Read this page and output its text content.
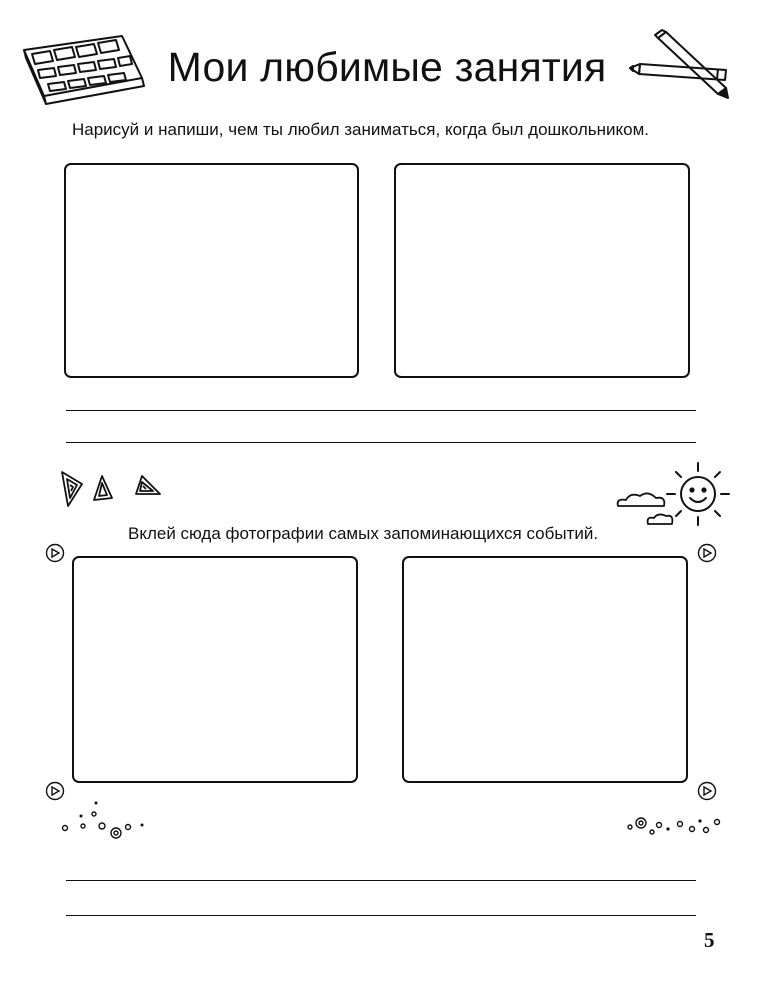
Мои любимые занятия
Нарисуй и напиши, чем ты любил заниматься, когда был дошкольником.
Вклей сюда фотографии самых запоминающихся событий.
5
